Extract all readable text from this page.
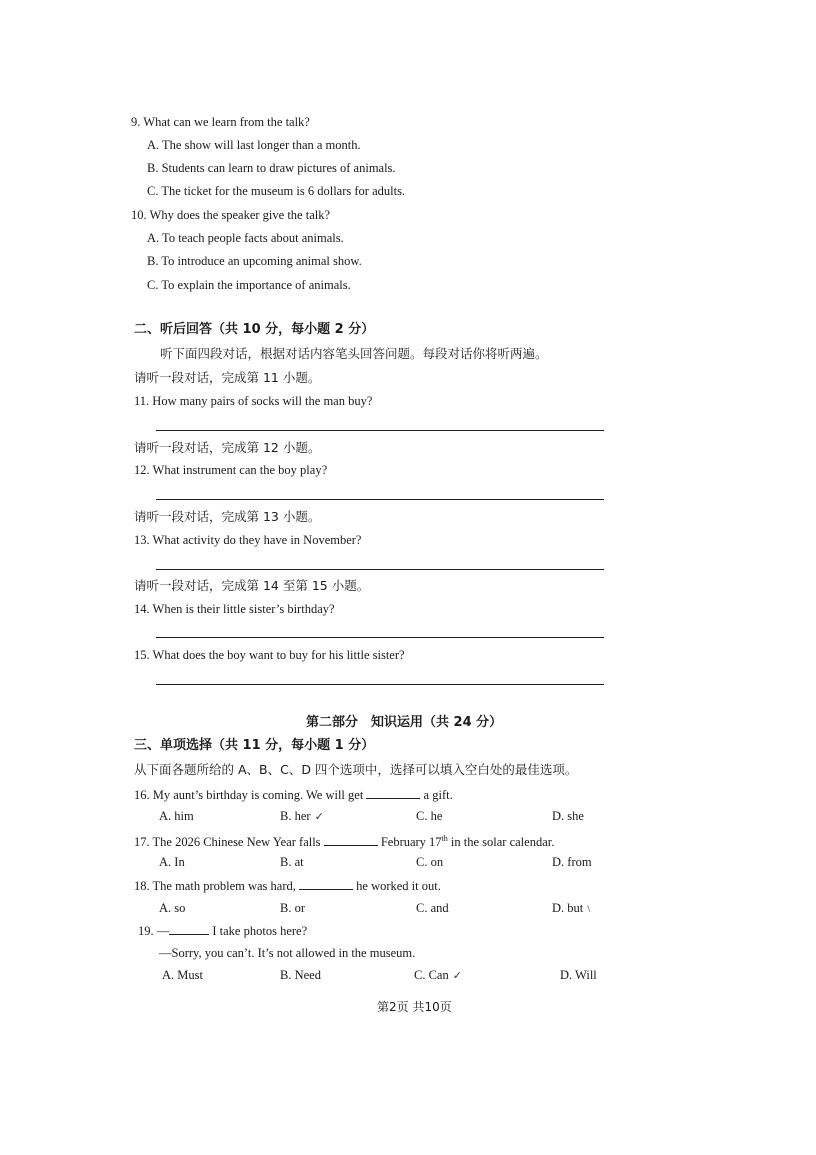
9. What can we learn from the talk?
A. The show will last longer than a month.
B. Students can learn to draw pictures of animals.
C. The ticket for the museum is 6 dollars for adults.
10. Why does the speaker give the talk?
A. To teach people facts about animals.
B. To introduce an upcoming animal show.
C. To explain the importance of animals.
二、听后回答（共 10 分，每小题 2 分）
听下面四段对话，根据对话内容笔头回答问题。每段对话你将听两遍。
请听一段对话，完成第 11 小题。
11. How many pairs of socks will the man buy?
请听一段对话，完成第 12 小题。
12. What instrument can the boy play?
请听一段对话，完成第 13 小题。
13. What activity do they have in November?
请听一段对话，完成第 14 至第 15 小题。
14. When is their little sister’s birthday?
15. What does the boy want to buy for his little sister?
第二部分　知识运用（共 24 分）
三、单项选择（共 11 分，每小题 1 分）
从下面各题所给的 A、B、C、D 四个选项中，选择可以填入空白处的最佳选项。
16. My aunt’s birthday is coming. We will get	a gift.
A. him	B. her ✓	C. he	D. she
17. The 2026 Chinese New Year falls	February 17th in the solar calendar.
A. In	B. at	C. on	D. from
18. The math problem was hard,	he worked it out.
A. so	B. or	C. and	D. but \
19. —	I take photos here?
—Sorry, you can’t. It’s not allowed in the museum.
A. Must	B. Need	C. Can ✓	D. Will
第2页 共10页
